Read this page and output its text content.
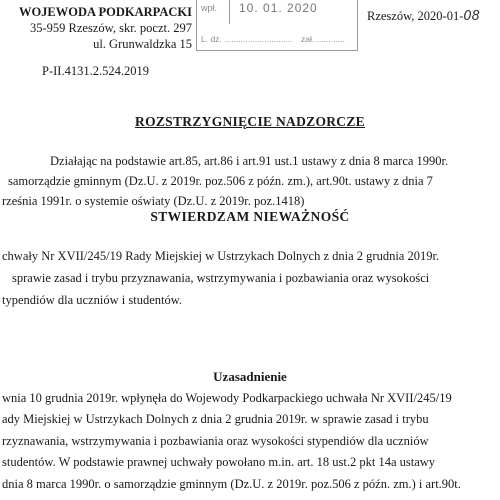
WOJEWODA PODKARPACKI
35-959 Rzeszów, skr. poczt. 297
ul. Grunwaldzka 15
wpł. 10. 01. 2020
L. dz. ............................. zał. ............
Rzeszów, 2020-01-08
P-II.4131.2.524.2019
ROZSTRZYGNIĘCIE NADZORCZE
Działając na podstawie art.85, art.86 i art.91 ust.1 ustawy z dnia 8 marca 1990r.
samorządzie gminnym (Dz.U. z 2019r. poz.506 z późn. zm.), art.90t. ustawy z dnia 7
rześnia 1991r. o systemie oświaty (Dz.U. z 2019r. poz.1418)
STWIERDZAM NIEWAŻNOŚĆ
chwały Nr XVII/245/19 Rady Miejskiej w Ustrzykach Dolnych z dnia 2 grudnia 2019r.
sprawie zasad i trybu przyznawania, wstrzymywania i pozbawiania oraz wysokości
typendiów dla uczniów i studentów.
Uzasadnienie
wnia 10 grudnia 2019r. wpłynęła do Wojewody Podkarpackiego uchwała Nr XVII/245/19
ady Miejskiej w Ustrzykach Dolnych z dnia 2 grudnia 2019r. w sprawie zasad i trybu
rzyznawania, wstrzymywania i pozbawiania oraz wysokości stypendiów dla uczniów
studentów. W podstawie prawnej uchwały powołano m.in. art. 18 ust.2 pkt 14a ustawy
dnia 8 marca 1990r. o samorządzie gminnym (Dz.U. z 2019r. poz.506 z późn. zm.) i art.90t.
